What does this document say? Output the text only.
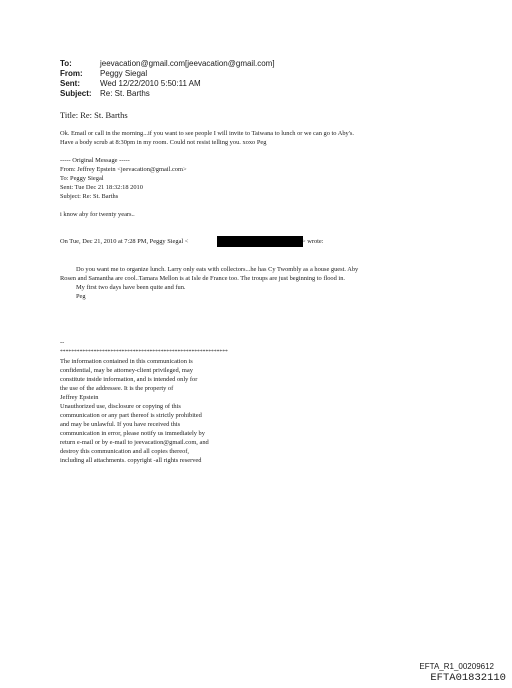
To:	jeevacation@gmail.com[jeevacation@gmail.com]
From:	Peggy Siegal
Sent:	Wed 12/22/2010 5:50:11 AM
Subject:	Re: St. Barths
Title: Re: St. Barths
Ok. Email or call in the morning...if you want to see people I will invite to Taiwana to lunch or we can go to Aby's.
Have a body scrub at 8:30pm in my room. Could not resist telling you. xoxo Peg
----- Original Message -----
From: Jeffrey Epstein <jeevacation@gmail.com>
To: Peggy Siegal
Sent: Tue Dec 21 18:32:18 2010
Subject: Re: St. Barths
i know aby for twenty years..
On Tue, Dec 21, 2010 at 7:28 PM, Peggy Siegal <	> wrote:
Do you want me to organize lunch. Larry only eats with collectors...he has Cy Twombly as a house guest. Aby
Rosen and Samantha are cool..Tamara Mellon is at Isle de France too. The troups are just beginning to flood in.
My first two days have been quite and fun.
Peg
--
************************************************************
The information contained in this communication is
confidential, may be attorney-client privileged, may
constitute inside information, and is intended only for
the use of the addressee. It is the property of
Jeffrey Epstein
Unauthorized use, disclosure or copying of this
communication or any part thereof is strictly prohibited
and may be unlawful. If you have received this
communication in error, please notify us immediately by
return e-mail or by e-mail to jeevacation@gmail.com, and
destroy this communication and all copies thereof,
including all attachments. copyright -all rights reserved
EFTA_R1_00209612
EFTA01832110
